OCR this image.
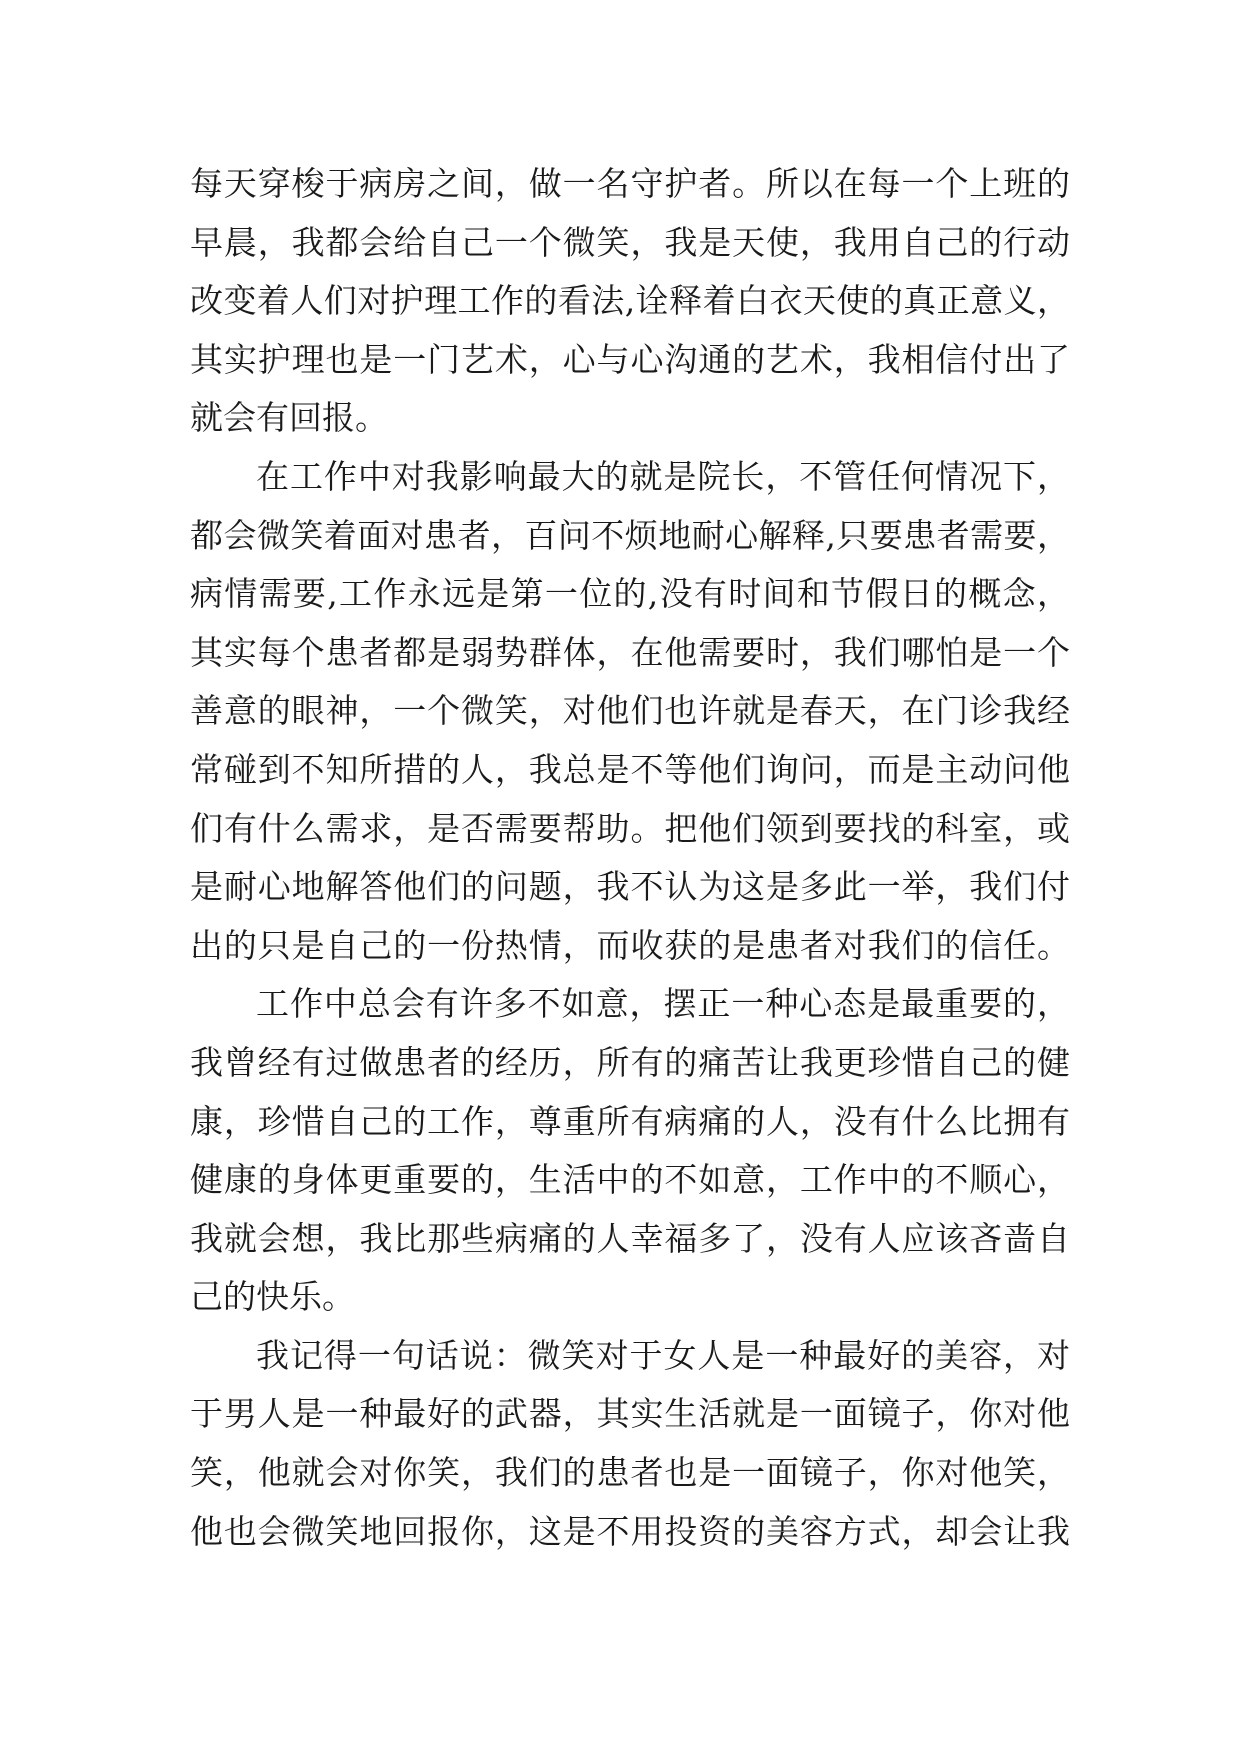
每天穿梭于病房之间，做一名守护者。所以在每一个上班的

早晨，我都会给自己一个微笑，我是天使，我用自己的行动

改变着人们对护理工作的看法,诠释着白衣天使的真正意义，

其实护理也是一门艺术，心与心沟通的艺术，我相信付出了

就会有回报。

在工作中对我影响最大的就是院长，不管任何情况下，

都会微笑着面对患者，百问不烦地耐心解释,只要患者需要，

病情需要,工作永远是第一位的,没有时间和节假日的概念，

其实每个患者都是弱势群体，在他需要时，我们哪怕是一个

善意的眼神，一个微笑，对他们也许就是春天，在门诊我经

常碰到不知所措的人，我总是不等他们询问，而是主动问他

们有什么需求，是否需要帮助。把他们领到要找的科室，或

是耐心地解答他们的问题，我不认为这是多此一举，我们付

出的只是自己的一份热情，而收获的是患者对我们的信任。

工作中总会有许多不如意，摆正一种心态是最重要的，

我曾经有过做患者的经历，所有的痛苦让我更珍惜自己的健

康，珍惜自己的工作，尊重所有病痛的人，没有什么比拥有

健康的身体更重要的，生活中的不如意，工作中的不顺心，

我就会想，我比那些病痛的人幸福多了，没有人应该吝啬自

己的快乐。

我记得一句话说：微笑对于女人是一种最好的美容，对

于男人是一种最好的武器，其实生活就是一面镜子，你对他

笑，他就会对你笑，我们的患者也是一面镜子，你对他笑，

他也会微笑地回报你，这是不用投资的美容方式，却会让我
